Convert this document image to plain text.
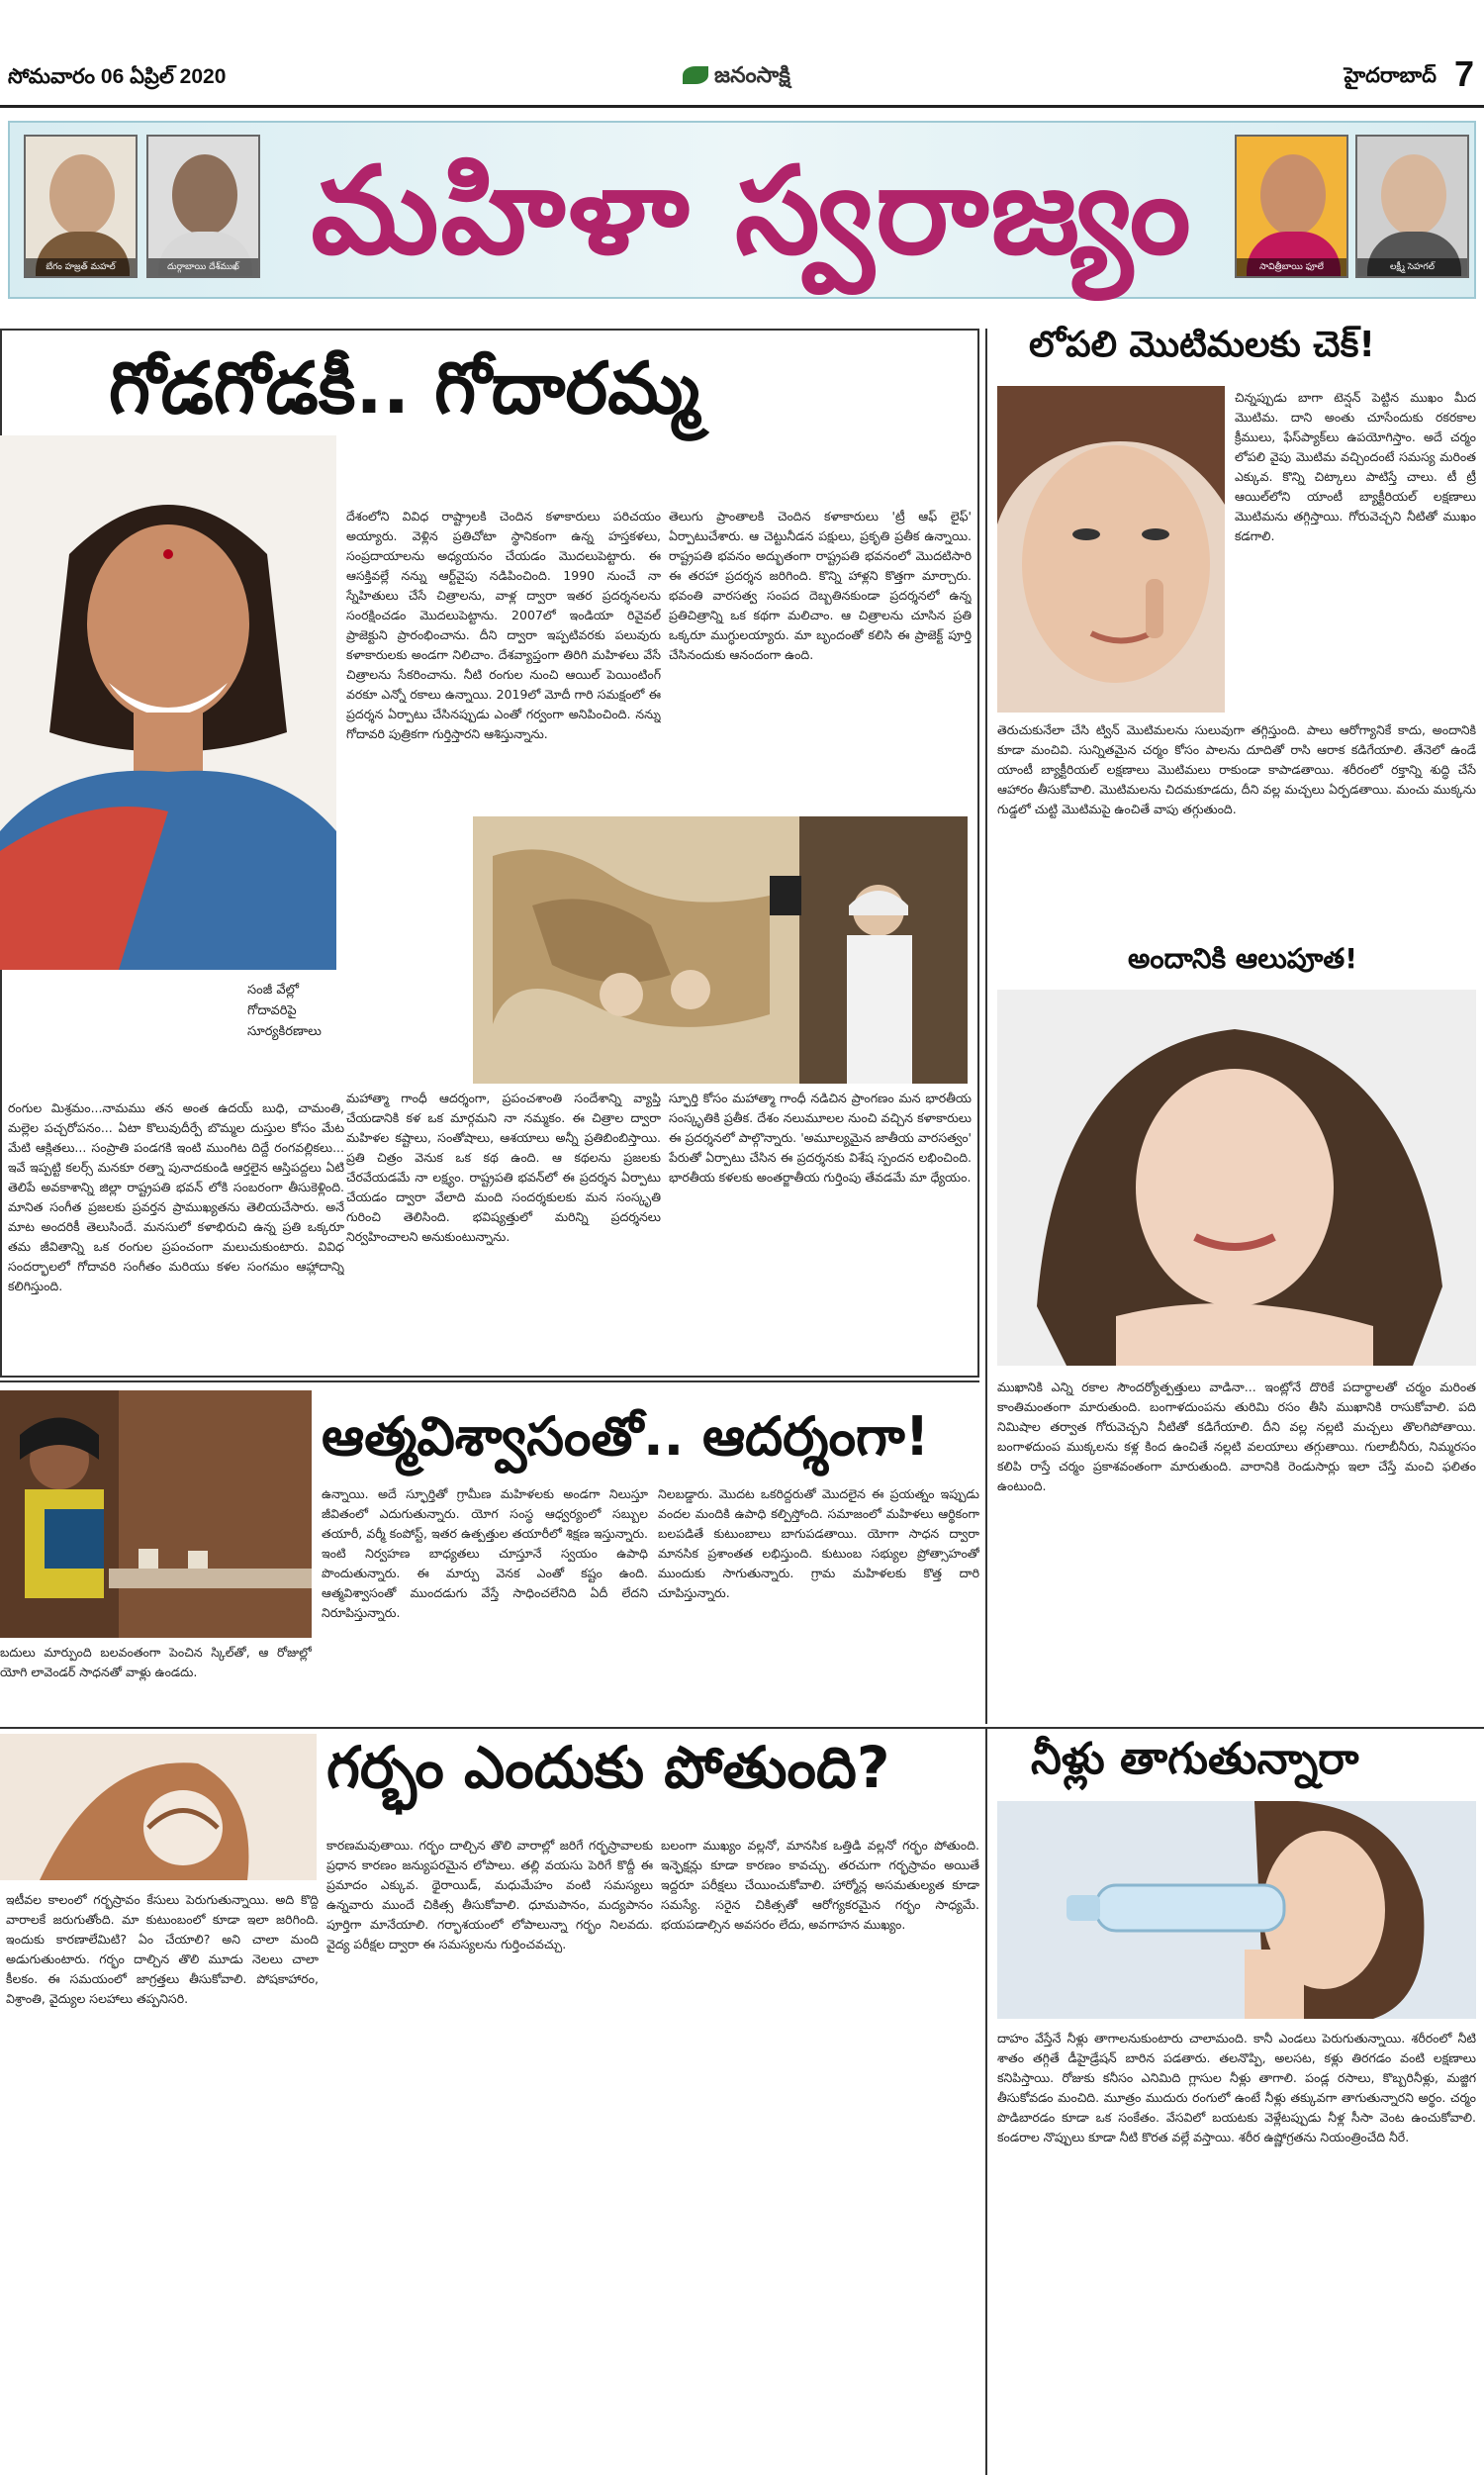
సోమవారం 06 ఏప్రిల్ 2020	జనంసాక్షి	హైదరాబాద్ 7
బేగం హజ్రత్ మహల్	దుర్గాబాయి దేశ్‌ముఖ్ మహిళా స్వరాజ్యం	సావిత్రీబాయి ఫూలే	లక్ష్మీ సెహగల్
గోడగోడకీ.. గోదారమ్మ
సంజీ వేల్లో గోదావరిపై సూర్యకిరణాలు
రంగుల మిశ్రమం...నామము తన అంత ఉదయ్ బుధి, చామంతి, మల్లెల పచ్చరోపనం... ఏటా కొలువుదీర్పే బొమ్మల దుస్తుల కోసం మేట మేటి ఆక్లితలు... సంప్రాతి పండగకి ఇంటి ముంగిట దిద్దే రంగవల్లికలు... ఇవే ఇప్పట్టి కలర్స్ మనకూ రత్నా పునాదకుండి ఆర్తలైన ఆస్తిపద్దలు ఏటి తెలిపే అవకాశాన్ని జిల్లా రాష్ట్రపతి భవన్ లోకి సంబరంగా తీసుకెళ్లింది. మానిత సంగీత ప్రజలకు ప్రవర్తన ప్రాముఖ్యతను తెలియచేసారు. అనే మాట అందరికీ తెలుసిందే. మనసులో కళాభిరుచి ఉన్న ప్రతి ఒక్కరూ తమ జీవితాన్ని ఒక రంగుల ప్రపంచంగా మలుచుకుంటారు. వివిధ సందర్భాలలో గోదావరి సంగీతం మరియు కళల సంగమం ఆహ్లాదాన్ని కలిగిస్తుంది.
దేశంలోని వివిధ రాష్ట్రాలకి చెందిన కళాకారులు పరిచయం అయ్యారు. వెళ్లిన ప్రతిచోటా స్థానికంగా ఉన్న హస్తకళలు, సంప్రదాయాలను అధ్యయనం చేయడం మొదలుపెట్టారు. ఈ ఆసక్తివల్లే నన్ను ఆర్ట్‌వైపు నడిపించింది. 1990 నుంచే నా స్నేహితులు చేసే చిత్రాలను, వాళ్ల ద్వారా ఇతర ప్రదర్శనలను సంరక్షించడం మొదలుపెట్టాను. 2007లో ఇండియా రివైవల్ ప్రాజెక్టుని ప్రారంభించాను. దీని ద్వారా ఇప్పటివరకు పలువురు కళాకారులకు అండగా నిలిచాం. దేశవ్యాప్తంగా తిరిగి మహిళలు వేసే చిత్రాలను సేకరించాను. నీటి రంగుల నుంచి ఆయిల్ పెయింటింగ్ వరకూ ఎన్నో రకాలు ఉన్నాయి. 2019లో మోదీ గారి సమక్షంలో ఈ ప్రదర్శన ఏర్పాటు చేసినప్పుడు ఎంతో గర్వంగా అనిపించింది. నన్ను గోదావరి పుత్రికగా గుర్తిస్తారని ఆశిస్తున్నాను.
తెలుగు ప్రాంతాలకి చెందిన కళాకారులు 'ట్రీ ఆఫ్ లైఫ్' ఏర్పాటుచేశారు. ఆ చెట్టునీడన పక్షులు, ప్రకృతి ప్రతీక ఉన్నాయి. రాష్ట్రపతి భవనం అద్భుతంగా రాష్ట్రపతి భవనంలో మొదటిసారి ఈ తరహా ప్రదర్శన జరిగింది. కొన్ని హాళ్లని కొత్తగా మార్చారు. భవంతి వారసత్వ సంపద దెబ్బతినకుండా ప్రదర్శనలో ఉన్న ప్రతిచిత్రాన్ని ఒక కథగా మలిచాం. ఆ చిత్రాలను చూసిన ప్రతి ఒక్కరూ ముగ్ధులయ్యారు. మా బృందంతో కలిసి ఈ ప్రాజెక్ట్ పూర్తి చేసినందుకు ఆనందంగా ఉంది.
మహాత్మా గాంధీ ఆదర్శంగా, ప్రపంచశాంతి సందేశాన్ని వ్యాప్తి చేయడానికి కళ ఒక మార్గమని నా నమ్మకం. ఈ చిత్రాల ద్వారా మహిళల కష్టాలు, సంతోషాలు, ఆశయాలు అన్నీ ప్రతిబింబిస్తాయి. ప్రతి చిత్రం వెనుక ఒక కథ ఉంది. ఆ కథలను ప్రజలకు చేరవేయడమే నా లక్ష్యం. రాష్ట్రపతి భవన్‌లో ఈ ప్రదర్శన ఏర్పాటు చేయడం ద్వారా వేలాది మంది సందర్శకులకు మన సంస్కృతి గురించి తెలిసింది. భవిష్యత్తులో మరిన్ని ప్రదర్శనలు నిర్వహించాలని అనుకుంటున్నాను.
స్ఫూర్తి కోసం మహాత్మా గాంధీ నడిచిన ప్రాంగణం మన భారతీయ సంస్కృతికి ప్రతీక. దేశం నలుమూలల నుంచి వచ్చిన కళాకారులు ఈ ప్రదర్శనలో పాల్గొన్నారు. 'అమూల్యమైన జాతీయ వారసత్వం' పేరుతో ఏర్పాటు చేసిన ఈ ప్రదర్శనకు విశేష స్పందన లభించింది. భారతీయ కళలకు అంతర్జాతీయ గుర్తింపు తేవడమే మా ధ్యేయం.
లోపలి మొటిమలకు చెక్!
చిన్నప్పుడు బాగా టెన్షన్ పెట్టిన ముఖం మీద మొటిమ. దాని అంతు చూసేందుకు రకరకాల క్రీములు, ఫేస్‌ప్యాక్‌లు ఉపయోగిస్తాం. అదే చర్మం లోపలి వైపు మొటిమ వచ్చిందంటే సమస్య మరింత ఎక్కువ. కొన్ని చిట్కాలు పాటిస్తే చాలు. టీ ట్రీ ఆయిల్‌లోని యాంటీ బ్యాక్టీరియల్ లక్షణాలు మొటిమను తగ్గిస్తాయి. గోరువెచ్చని నీటితో ముఖం కడగాలి.
తెరుచుకునేలా చేసి ట్విన్ మొటిమలను సులువుగా తగ్గిస్తుంది. పాలు ఆరోగ్యానికే కాదు, అందానికి కూడా మంచివి. సున్నితమైన చర్మం కోసం పాలను దూదితో రాసి ఆరాక కడిగేయాలి. తేనెలో ఉండే యాంటీ బ్యాక్టీరియల్ లక్షణాలు మొటిమలు రాకుండా కాపాడతాయి. శరీరంలో రక్తాన్ని శుద్ధి చేసే ఆహారం తీసుకోవాలి. మొటిమలను చిదమకూడదు, దీని వల్ల మచ్చలు ఏర్పడతాయి. మంచు ముక్కను గుడ్డలో చుట్టి మొటిమపై ఉంచితే వాపు తగ్గుతుంది.
అందానికి ఆలుపూత!
ముఖానికి ఎన్ని రకాల సౌందర్యోత్పత్తులు వాడినా... ఇంట్లోనే దొరికే పదార్థాలతో చర్మం మరింత కాంతిమంతంగా మారుతుంది. బంగాళదుంపను తురిమి రసం తీసి ముఖానికి రాసుకోవాలి. పది నిమిషాల తర్వాత గోరువెచ్చని నీటితో కడిగేయాలి. దీని వల్ల నల్లటి మచ్చలు తొలగిపోతాయి. బంగాళదుంప ముక్కలను కళ్ల కింద ఉంచితే నల్లటి వలయాలు తగ్గుతాయి. గులాబీనీరు, నిమ్మరసం కలిపి రాస్తే చర్మం ప్రకాశవంతంగా మారుతుంది. వారానికి రెండుసార్లు ఇలా చేస్తే మంచి ఫలితం ఉంటుంది.
ఆత్మవిశ్వాసంతో.. ఆదర్శంగా!
బదులు మార్పుంది బలవంతంగా పెంచిన స్కిల్‌తో, ఆ రోజుల్లో యోగి లావెండర్ సాధనతో వాళ్లు ఉండదు.
ఉన్నాయి. అదే స్ఫూర్తితో గ్రామీణ మహిళలకు అండగా నిలుస్తూ జీవితంలో ఎదుగుతున్నారు. యోగ సంస్థ ఆధ్వర్యంలో సబ్బుల తయారీ, వర్మీ కంపోస్ట్, ఇతర ఉత్పత్తుల తయారీలో శిక్షణ ఇస్తున్నారు. ఇంటి నిర్వహణ బాధ్యతలు చూస్తూనే స్వయం ఉపాధి పొందుతున్నారు. ఈ మార్పు వెనక ఎంతో కష్టం ఉంది. ఆత్మవిశ్వాసంతో ముందడుగు వేస్తే సాధించలేనిది ఏదీ లేదని నిరూపిస్తున్నారు.
నిలబడ్డారు. మొదట ఒకరిద్దరుతో మొదలైన ఈ ప్రయత్నం ఇప్పుడు వందల మందికి ఉపాధి కల్పిస్తోంది. సమాజంలో మహిళలు ఆర్థికంగా బలపడితే కుటుంబాలు బాగుపడతాయి. యోగా సాధన ద్వారా మానసిక ప్రశాంతత లభిస్తుంది. కుటుంబ సభ్యుల ప్రోత్సాహంతో ముందుకు సాగుతున్నారు. గ్రామ మహిళలకు కొత్త దారి చూపిస్తున్నారు.
గర్భం ఎందుకు పోతుంది?
ఇటీవల కాలంలో గర్భస్రావం కేసులు పెరుగుతున్నాయి. అది కొద్ది వారాలకే జరుగుతోంది. మా కుటుంబంలో కూడా ఇలా జరిగింది. ఇందుకు కారణాలేమిటి? ఏం చేయాలి? అని చాలా మంది అడుగుతుంటారు. గర్భం దాల్చిన తొలి మూడు నెలలు చాలా కీలకం. ఈ సమయంలో జాగ్రత్తలు తీసుకోవాలి. పోషకాహారం, విశ్రాంతి, వైద్యుల సలహాలు తప్పనిసరి.
కారణమవుతాయి. గర్భం దాల్చిన తొలి వారాల్లో జరిగే గర్భస్రావాలకు ప్రధాన కారణం జన్యుపరమైన లోపాలు. తల్లి వయసు పెరిగే కొద్దీ ఈ ప్రమాదం ఎక్కువ. థైరాయిడ్, మధుమేహం వంటి సమస్యలు ఉన్నవారు ముందే చికిత్స తీసుకోవాలి. ధూమపానం, మద్యపానం పూర్తిగా మానేయాలి. గర్భాశయంలో లోపాలున్నా గర్భం నిలవదు. వైద్య పరీక్షల ద్వారా ఈ సమస్యలను గుర్తించవచ్చు.
బలంగా ముఖ్యం వల్లనో, మానసిక ఒత్తిడి వల్లనో గర్భం పోతుంది. ఇన్ఫెక్షన్లు కూడా కారణం కావచ్చు. తరచుగా గర్భస్రావం అయితే ఇద్దరూ పరీక్షలు చేయించుకోవాలి. హార్మోన్ల అసమతుల్యత కూడా సమస్యే. సరైన చికిత్సతో ఆరోగ్యకరమైన గర్భం సాధ్యమే. భయపడాల్సిన అవసరం లేదు, అవగాహన ముఖ్యం.
నీళ్లు తాగుతున్నారా
దాహం వేస్తేనే నీళ్లు తాగాలనుకుంటారు చాలామంది. కానీ ఎండలు పెరుగుతున్నాయి. శరీరంలో నీటి శాతం తగ్గితే డీహైడ్రేషన్ బారిన పడతారు. తలనొప్పి, అలసట, కళ్లు తిరగడం వంటి లక్షణాలు కనిపిస్తాయి. రోజుకు కనీసం ఎనిమిది గ్లాసుల నీళ్లు తాగాలి. పండ్ల రసాలు, కొబ్బరినీళ్లు, మజ్జిగ తీసుకోవడం మంచిది. మూత్రం ముదురు రంగులో ఉంటే నీళ్లు తక్కువగా తాగుతున్నారని అర్థం. చర్మం పొడిబారడం కూడా ఒక సంకేతం. వేసవిలో బయటకు వెళ్లేటప్పుడు నీళ్ల సీసా వెంట ఉంచుకోవాలి. కండరాల నొప్పులు కూడా నీటి కొరత వల్లే వస్తాయి. శరీర ఉష్ణోగ్రతను నియంత్రించేది నీరే.
